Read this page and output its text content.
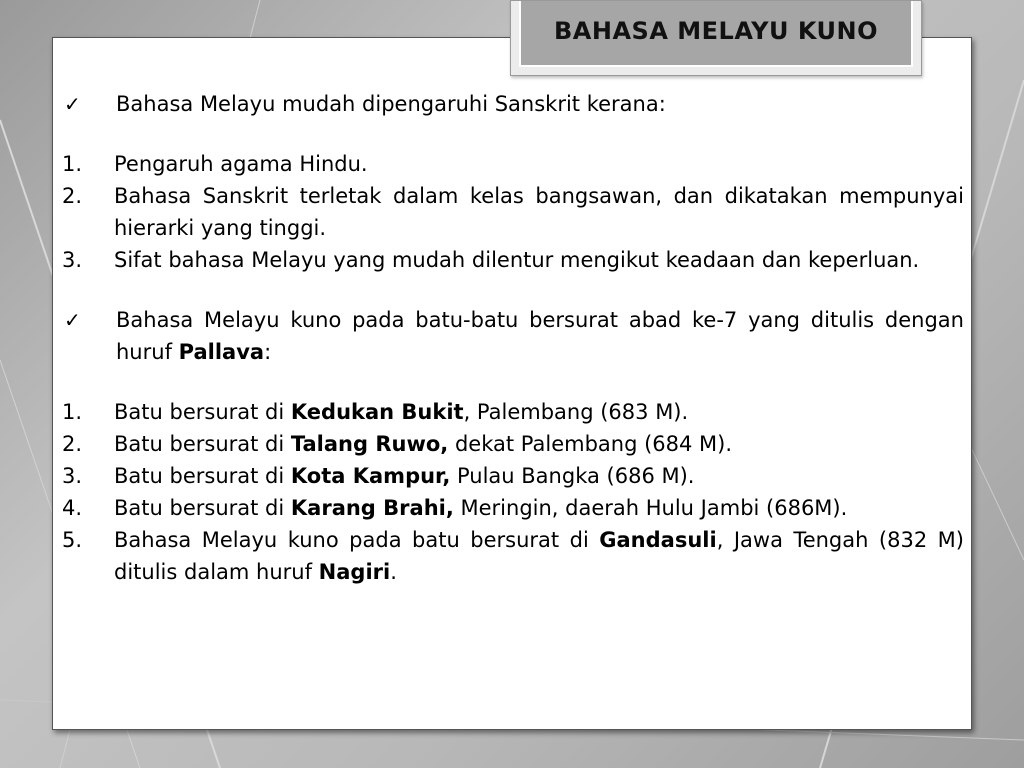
BAHASA MELAYU KUNO
✓	Bahasa Melayu mudah dipengaruhi Sanskrit kerana:
1.	Pengaruh agama Hindu.
2.	Bahasa Sanskrit terletak dalam kelas bangsawan, dan dikatakan mempunyai hierarki yang tinggi.
3.	Sifat bahasa Melayu yang mudah dilentur mengikut keadaan dan keperluan.
✓	Bahasa Melayu kuno pada batu-batu bersurat abad ke-7 yang ditulis dengan huruf Pallava:
1.	Batu bersurat di Kedukan Bukit, Palembang (683 M).
2.	Batu bersurat di Talang Ruwo, dekat Palembang (684 M).
3.	Batu bersurat di Kota Kampur, Pulau Bangka (686 M).
4.	Batu bersurat di Karang Brahi, Meringin, daerah Hulu Jambi (686M).
5.	Bahasa Melayu kuno pada batu bersurat di Gandasuli, Jawa Tengah (832 M) ditulis dalam huruf Nagiri.
